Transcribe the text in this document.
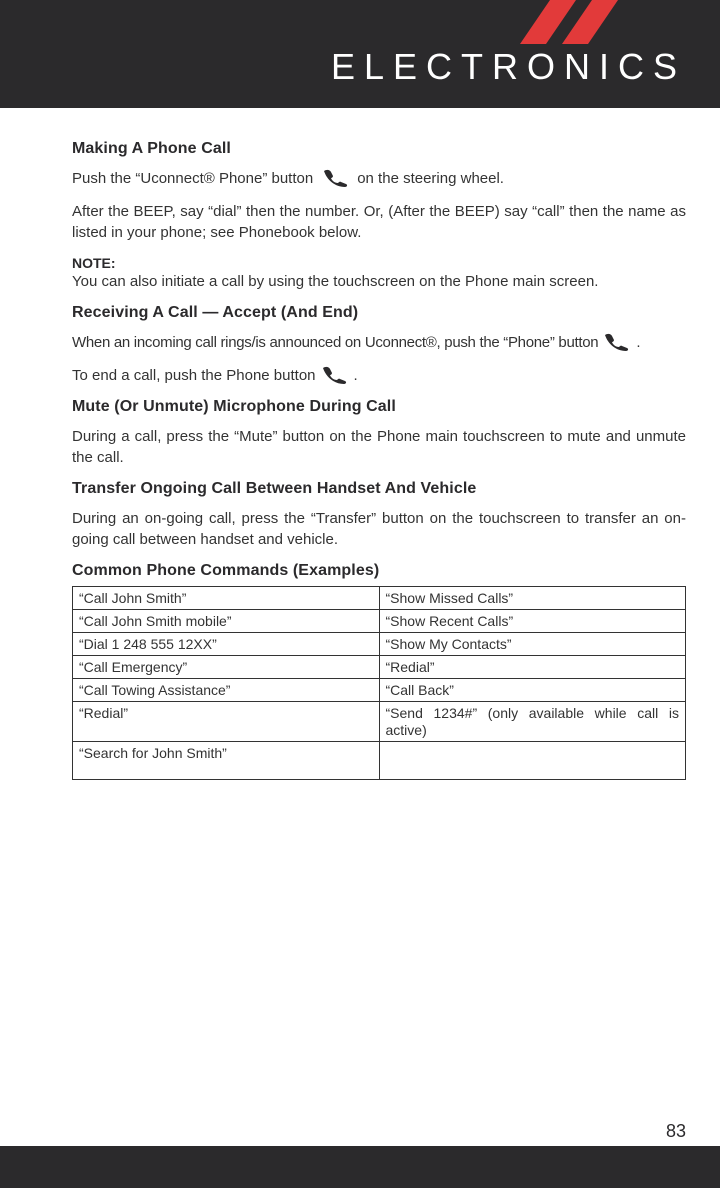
ELECTRONICS
Making A Phone Call

Push the “Uconnect® Phone” button	on the steering wheel.

After the BEEP, say “dial” then the number. Or, (After the BEEP) say “call” then the name as listed in your phone; see Phonebook below.

NOTE:

You can also initiate a call by using the touchscreen on the Phone main screen.

Receiving A Call — Accept (And End)

When an incoming call rings/is announced on Uconnect®, push the “Phone” button	.

To end a call, push the Phone button	.

Mute (Or Unmute) Microphone During Call

During a call, press the “Mute” button on the Phone main touchscreen to mute and unmute the call.

Transfer Ongoing Call Between Handset And Vehicle

During an on-going call, press the “Transfer” button on the touchscreen to transfer an on-going call between handset and vehicle.

Common Phone Commands (Examples)
“Call John Smith”	“Show Missed Calls”
“Call John Smith mobile”	“Show Recent Calls”
“Dial 1 248 555 12XX”	“Show My Contacts”
“Call Emergency”	“Redial”
“Call Towing Assistance”	“Call Back”
“Redial”	“Send 1234#” (only available while call is active)
“Search for John Smith”	
83
